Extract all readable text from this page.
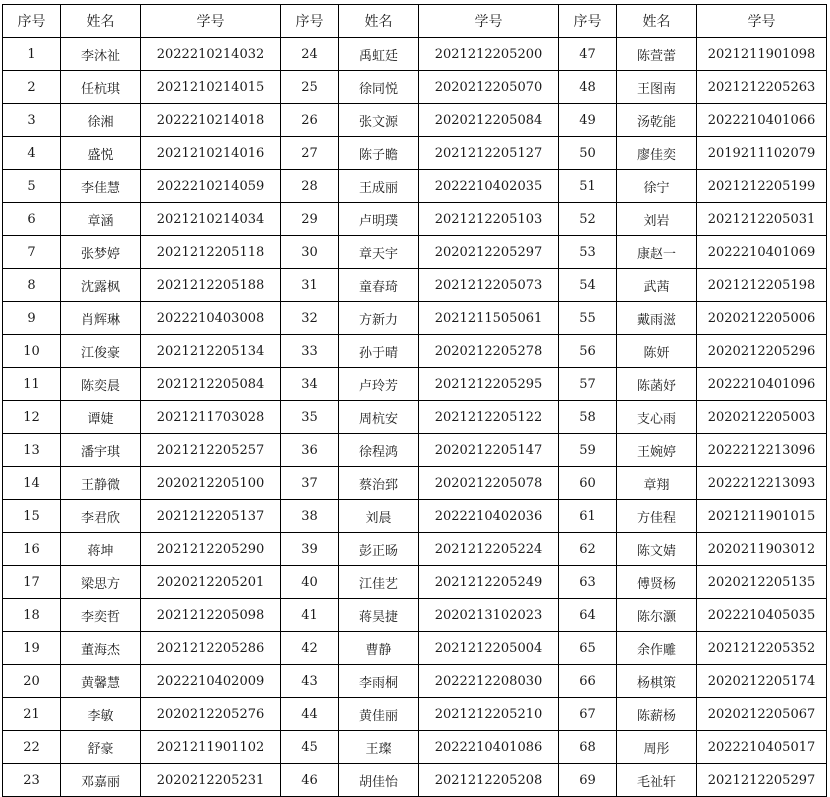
序号	姓名	学号	序号	姓名	学号	序号	姓名	学号
1	李沐祉	2022210214032	24	禹虹廷	2021212205200	47	陈萱蕾	2021211901098
2	任杭琪	2021210214015	25	徐同悦	2020212205070	48	王图南	2021212205263
3	徐湘	2022210214018	26	张文源	2020212205084	49	汤乾能	2022210401066
4	盛悦	2021210214016	27	陈子瞻	2021212205127	50	廖佳奕	2019211102079
5	李佳慧	2022210214059	28	王成丽	2022210402035	51	徐宁	2021212205199
6	章涵	2021210214034	29	卢明璞	2021212205103	52	刘岩	2021212205031
7	张梦婷	2021212205118	30	章天宇	2020212205297	53	康赵一	2022210401069
8	沈露枫	2021212205188	31	童春琦	2021212205073	54	武茜	2021212205198
9	肖辉琳	2022210403008	32	方新力	2021211505061	55	戴雨滋	2020212205006
10	江俊豪	2021212205134	33	孙于晴	2020212205278	56	陈妍	2020212205296
11	陈奕晨	2021212205084	34	卢玲芳	2021212205295	57	陈菡妤	2022210401096
12	谭婕	2021211703028	35	周杭安	2021212205122	58	支心雨	2020212205003
13	潘宇琪	2021212205257	36	徐程鸿	2020212205147	59	王婉婷	2022212213096
14	王静微	2020212205100	37	蔡治郅	2020212205078	60	章翔	2022212213093
15	李君欣	2021212205137	38	刘晨	2022210402036	61	方佳程	2021211901015
16	蒋坤	2021212205290	39	彭正旸	2021212205224	62	陈文婧	2020211903012
17	梁思方	2020212205201	40	江佳艺	2021212205249	63	傅贤杨	2020212205135
18	李奕哲	2021212205098	41	蒋昊捷	2020213102023	64	陈尔灏	2022210405035
19	董海杰	2021212205286	42	曹静	2021212205004	65	余作雕	2021212205352
20	黄馨慧	2022210402009	43	李雨桐	2022212208030	66	杨棋策	2020212205174
21	李敏	2020212205276	44	黄佳丽	2021212205210	67	陈薪杨	2020212205067
22	舒豪	2021211901102	45	王璨	2022210401086	68	周彤	2022210405017
23	邓嘉丽	2020212205231	46	胡佳怡	2021212205208	69	毛祉轩	2021212205297
